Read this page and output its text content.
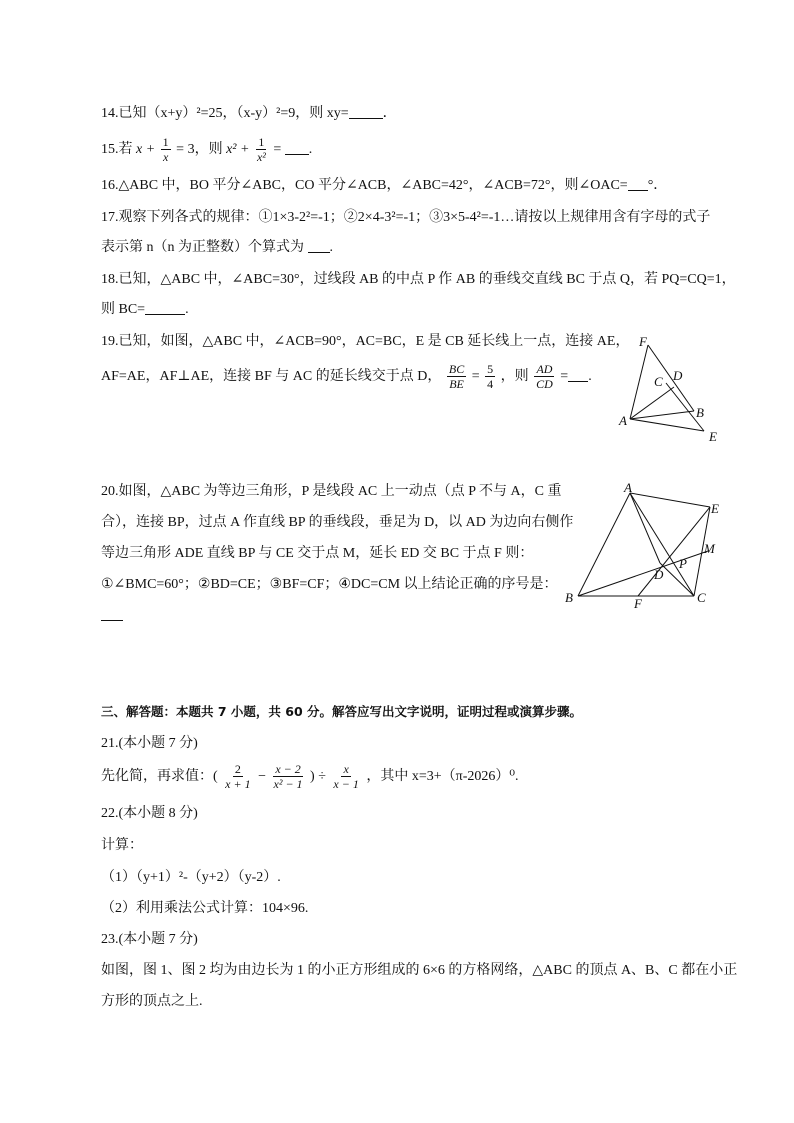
14.已知（x+y）²=25，（x-y）²=9，则 xy= ．
15.若 $x + \frac{1}{x} = 3$，则 $x^2 + \frac{1}{\text{x²}}$ = .
16.△ABC 中，BO 平分∠ABC，CO 平分∠ACB，∠ABC=42°，∠ACB=72°，则∠OAC= °．
17.观察下列各式的规律：①1×3-2²=-1；②2×4-3²=-1；③3×5-4²=-1…请按以上规律用含有字母的式子
表示第 n（n 为正整数）个算式为 .
18.已知，△ABC 中，∠ABC=30°，过线段 AB 的中点 P 作 AB 的垂线交直线 BC 于点 Q，若 PQ=CQ=1，
则 BC=	.
19.已知，如图，△ABC 中，∠ACB=90°，AC=BC，E 是 CB 延长线上一点，连接 AE，
AF=AE，AF⊥AE，连接 BF 与 AC 的延长线交于点 D， $\frac{BC}{BE} = \frac{5}{4}$ ，则 $\frac{AD}{CD}$ = .
F
D
C
B
A
E
20.如图，△ABC 为等边三角形，P 是线段 AC 上一动点（点 P 不与 A，C 重
合），连接 BP，过点 A 作直线 BP 的垂线段，垂足为 D，以 AD 为边向右侧作
等边三角形 ADE 直线 BP 与 CE 交于点 M，延长 ED 交 BC 于点 F 则：
①∠BMC=60°；②BD=CE；③BF=CF；④DC=CM 以上结论正确的序号是：
A
E
M
P
D
B	F	C
三、解答题：本题共 7 小题，共 60 分。解答应写出文字说明，证明过程或演算步骤。
21.(本小题 7 分)
先化简，再求值：( $\frac{2}{x + 1} - \frac{x - 2}{\text{x² − 1}}$ ) ÷ $\frac{x}{x - 1}$ ，其中 x=3+（π-2026）⁰.
22.(本小题 8 分)
计算：
（1）（y+1）²-（y+2）（y-2）.
（2）利用乘法公式计算：104×96.
23.(本小题 7 分)
如图，图 1、图 2 均为由边长为 1 的小正方形组成的 6×6 的方格网络，△ABC 的顶点 A、B、C 都在小正
方形的顶点之上.
